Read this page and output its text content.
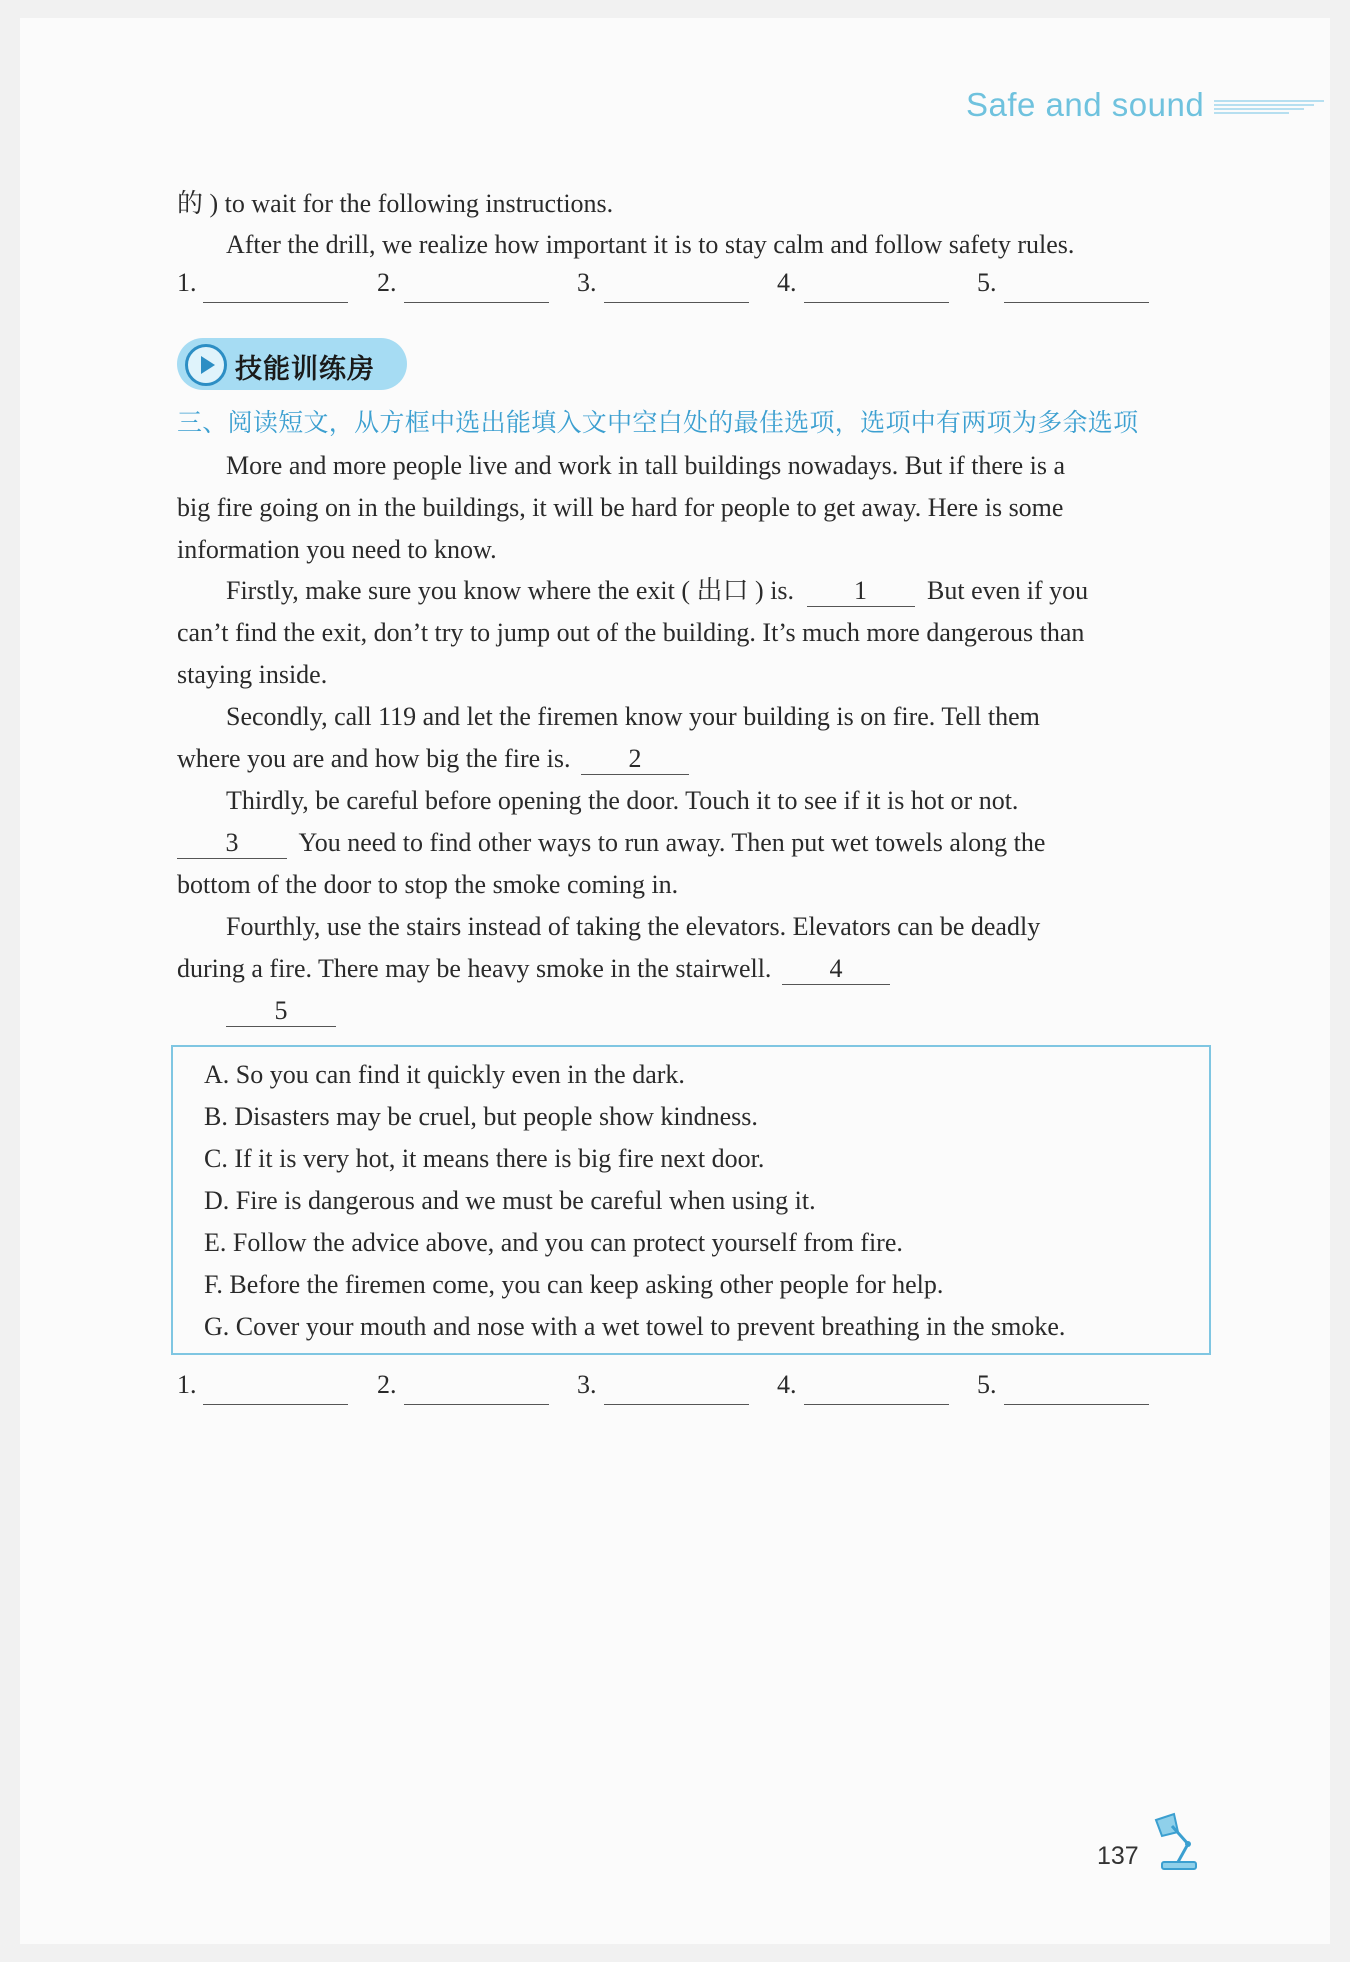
Safe and sound
的 ) to wait for the following instructions.
After the drill, we realize how important it is to stay calm and follow safety rules.
1.	2.	3.	4.	5.
技能训练房
三、阅读短文，从方框中选出能填入文中空白处的最佳选项，选项中有两项为多余选项
More and more people live and work in tall buildings nowadays. But if there is a
big fire going on in the buildings, it will be hard for people to get away. Here is some
information you need to know.
Firstly, make sure you know where the exit ( 出口 ) is. 1 But even if you
can’t find the exit, don’t try to jump out of the building. It’s much more dangerous than
staying inside.
Secondly, call 119 and let the firemen know your building is on fire. Tell them
where you are and how big the fire is. 2
Thirdly, be careful before opening the door. Touch it to see if it is hot or not.
3 You need to find other ways to run away. Then put wet towels along the
bottom of the door to stop the smoke coming in.
Fourthly, use the stairs instead of taking the elevators. Elevators can be deadly
during a fire. There may be heavy smoke in the stairwell. 4
5
A. So you can find it quickly even in the dark.
B. Disasters may be cruel, but people show kindness.
C. If it is very hot, it means there is big fire next door.
D. Fire is dangerous and we must be careful when using it.
E. Follow the advice above, and you can protect yourself from fire.
F. Before the firemen come, you can keep asking other people for help.
G. Cover your mouth and nose with a wet towel to prevent breathing in the smoke.
1.	2.	3.	4.	5.
137
